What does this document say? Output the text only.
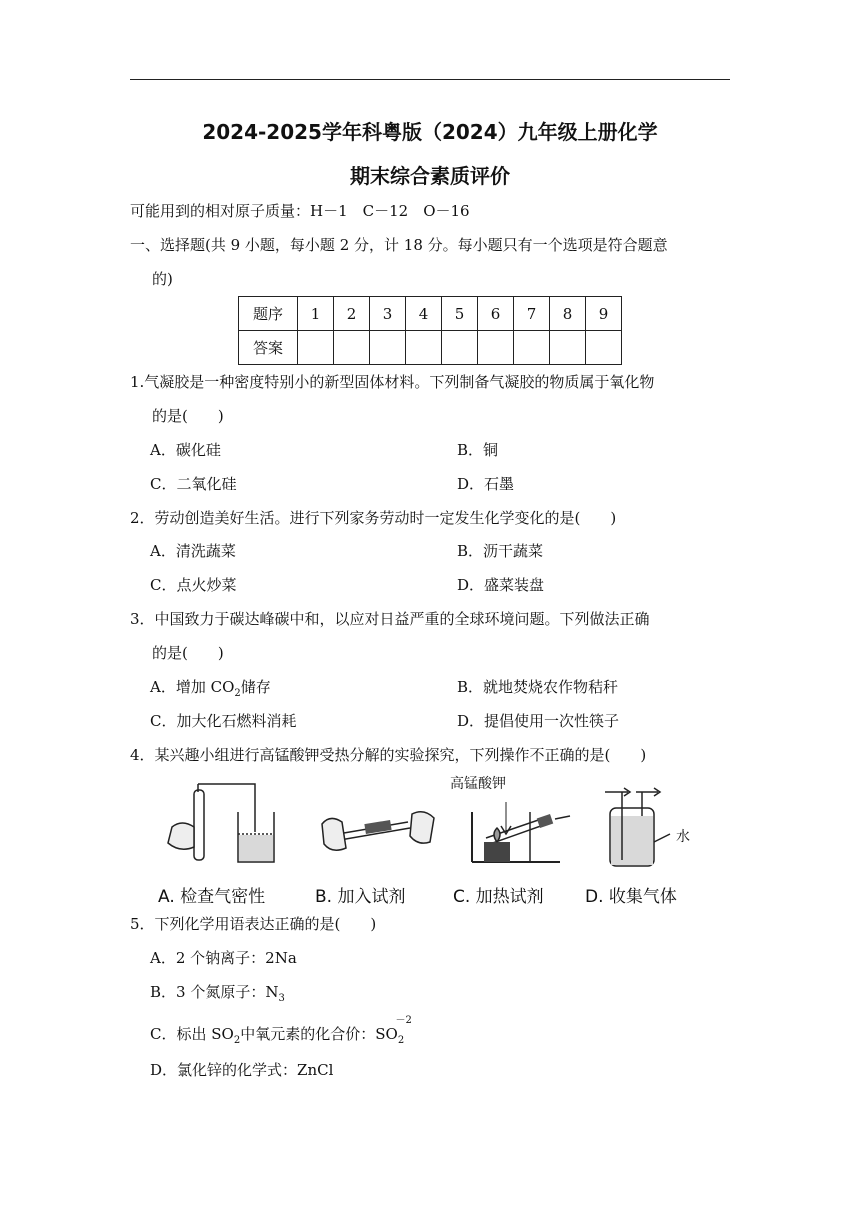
2024-2025学年科粤版（2024）九年级上册化学
期末综合素质评价
可能用到的相对原子质量：H－1　C－12　O－16
一、选择题(共 9 小题，每小题 2 分，计 18 分。每小题只有一个选项是符合题意
的)
题序	1	2	3	4	5	6	7	8	9
答案									
1.气凝胶是一种密度特别小的新型固体材料。下列制备气凝胶的物质属于氧化物
的是(　　)
A．碳化硅	B．铜
C．二氧化硅	D．石墨
2．劳动创造美好生活。进行下列家务劳动时一定发生化学变化的是(　　)
A．清洗蔬菜	B．沥干蔬菜
C．点火炒菜	D．盛菜装盘
3．中国致力于碳达峰碳中和，以应对日益严重的全球环境问题。下列做法正确
的是(　　)
A．增加 $CO_2$储存	B．就地焚烧农作物秸秆
C．加大化石燃料消耗	D．提倡使用一次性筷子
4．某兴趣小组进行高锰酸钾受热分解的实验探究，下列操作不正确的是(　　)
高锰酸钾
水
A. 检查气密性	B. 加入试剂	C. 加热试剂 D. 收集气体
5．下列化学用语表达正确的是(　　)
A．2 个钠离子：2Na
B．3 个氮原子：$N_3$
C．标出 $SO_2$中氧元素的化合价：S
－2
$O_2$
D．氯化锌的化学式：ZnCl
